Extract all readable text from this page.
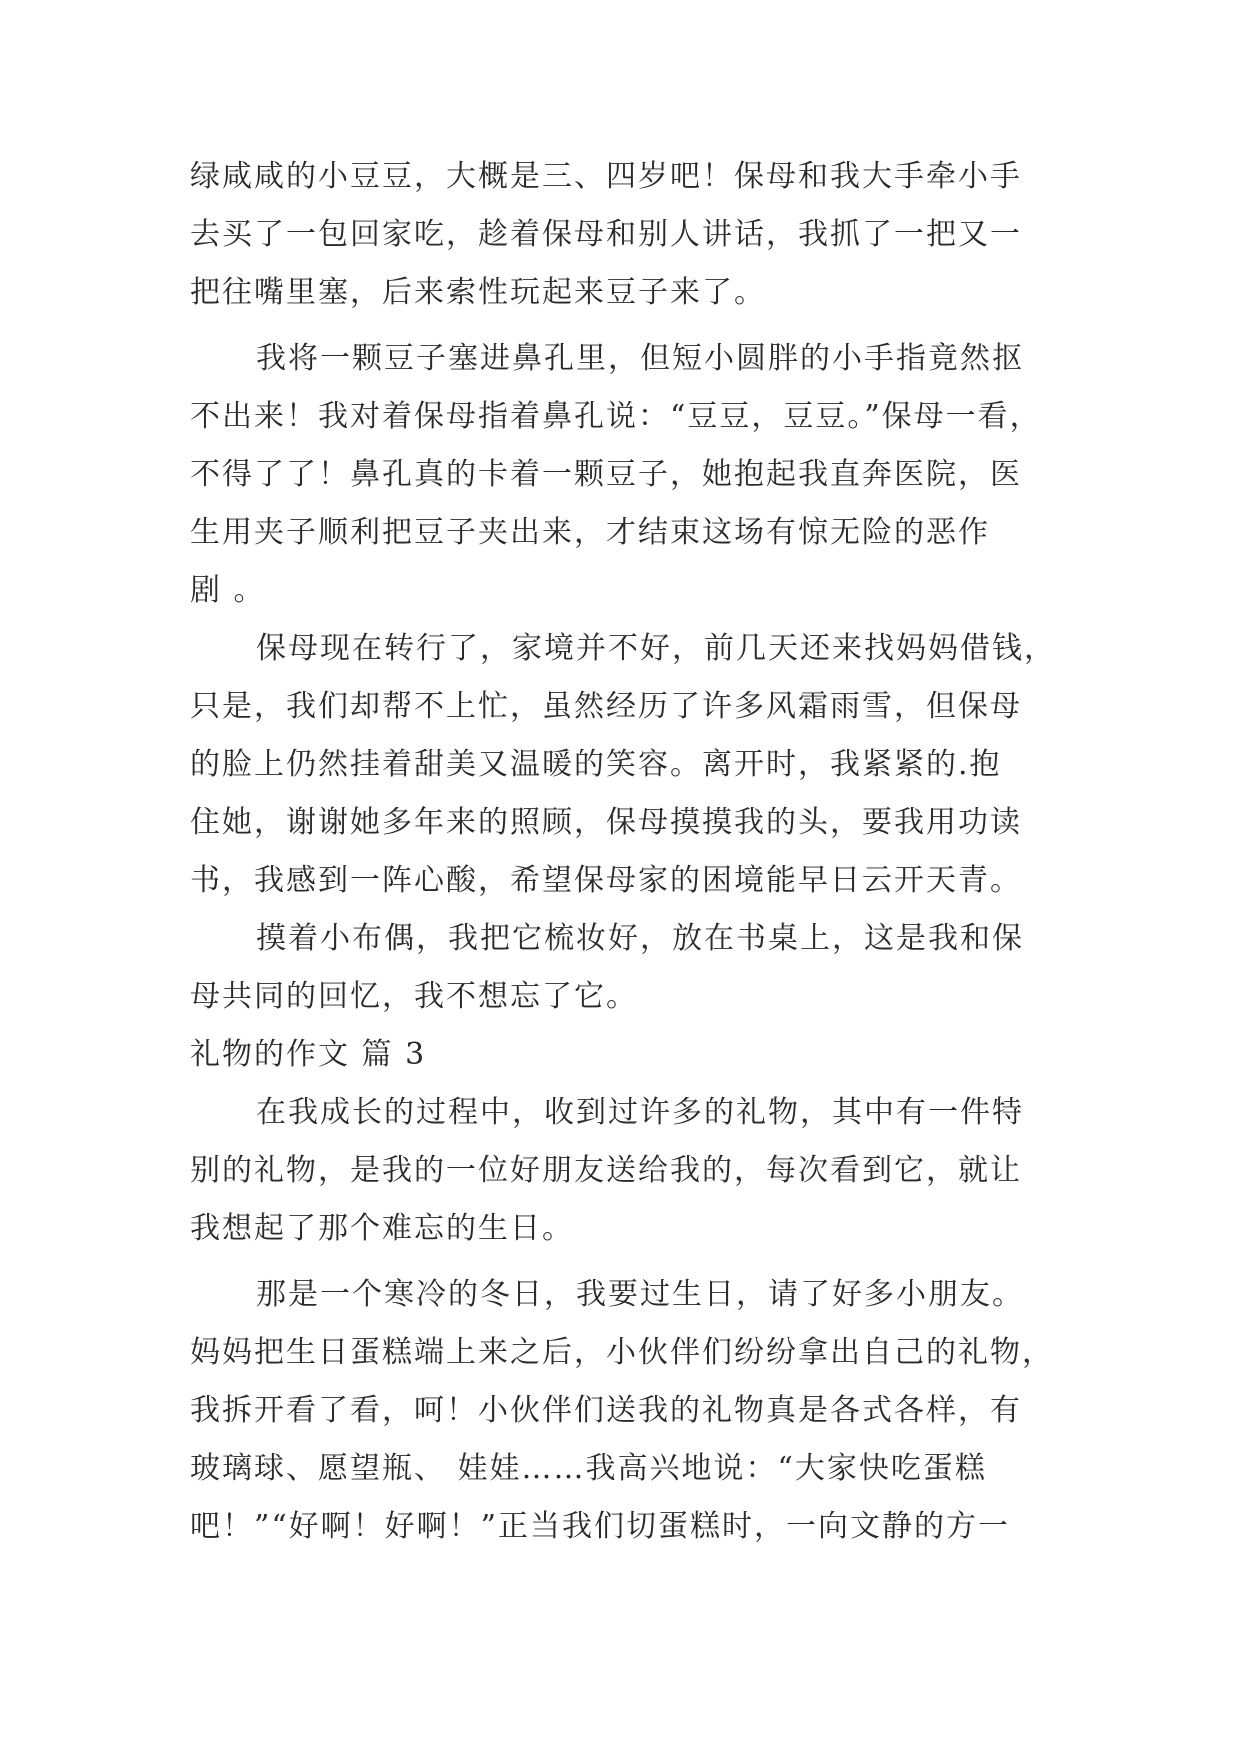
绿咸咸的小豆豆，大概是三、四岁吧！保母和我大手牵小手
去买了一包回家吃，趁着保母和别人讲话，我抓了一把又一
把往嘴里塞，后来索性玩起来豆子来了。
我将一颗豆子塞进鼻孔里，但短小圆胖的小手指竟然抠
不出来！我对着保母指着鼻孔说：“豆豆，豆豆。”保母一看，
不得了了！鼻孔真的卡着一颗豆子，她抱起我直奔医院，医
生用夹子顺利把豆子夹出来，才结束这场有惊无险的恶作
剧 。
保母现在转行了，家境并不好，前几天还来找妈妈借钱，
只是，我们却帮不上忙，虽然经历了许多风霜雨雪，但保母
的脸上仍然挂着甜美又温暖的笑容。离开时，我紧紧的.抱
住她，谢谢她多年来的照顾，保母摸摸我的头，要我用功读
书，我感到一阵心酸，希望保母家的困境能早日云开天青。
摸着小布偶，我把它梳妆好，放在书桌上，这是我和保
母共同的回忆，我不想忘了它。
礼物的作文 篇 3
在我成长的过程中，收到过许多的礼物，其中有一件特
别的礼物，是我的一位好朋友送给我的，每次看到它，就让
我想起了那个难忘的生日。
那是一个寒冷的冬日，我要过生日，请了好多小朋友。
妈妈把生日蛋糕端上来之后，小伙伴们纷纷拿出自己的礼物，
我拆开看了看，呵！小伙伴们送我的礼物真是各式各样，有
玻璃球、愿望瓶、 娃娃……我高兴地说：“大家快吃蛋糕
吧！”“好啊！好啊！”正当我们切蛋糕时，一向文静的方一
